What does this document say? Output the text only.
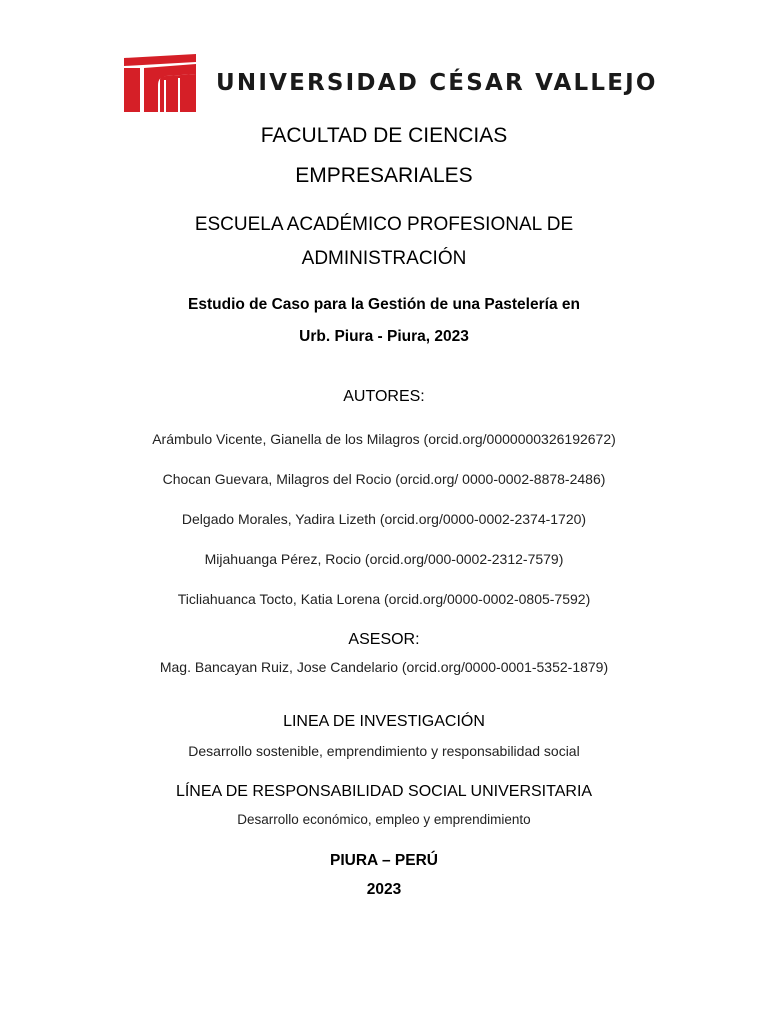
UNIVERSIDAD CÉSAR VALLEJO
FACULTAD DE CIENCIAS
EMPRESARIALES
ESCUELA ACADÉMICO PROFESIONAL DE
ADMINISTRACIÓN
Estudio de Caso para la Gestión de una Pastelería en
Urb. Piura - Piura, 2023
AUTORES:
Arámbulo Vicente, Gianella de los Milagros (orcid.org/0000000326192672)
Chocan Guevara, Milagros del Rocio (orcid.org/ 0000-0002-8878-2486)
Delgado Morales, Yadira Lizeth (orcid.org/0000-0002-2374-1720)
Mijahuanga Pérez, Rocio (orcid.org/000-0002-2312-7579)
Ticliahuanca Tocto, Katia Lorena (orcid.org/0000-0002-0805-7592)
ASESOR:
Mag. Bancayan Ruiz, Jose Candelario (orcid.org/0000-0001-5352-1879)
LINEA DE INVESTIGACIÓN
Desarrollo sostenible, emprendimiento y responsabilidad social
LÍNEA DE RESPONSABILIDAD SOCIAL UNIVERSITARIA
Desarrollo económico, empleo y emprendimiento
PIURA – PERÚ
2023
